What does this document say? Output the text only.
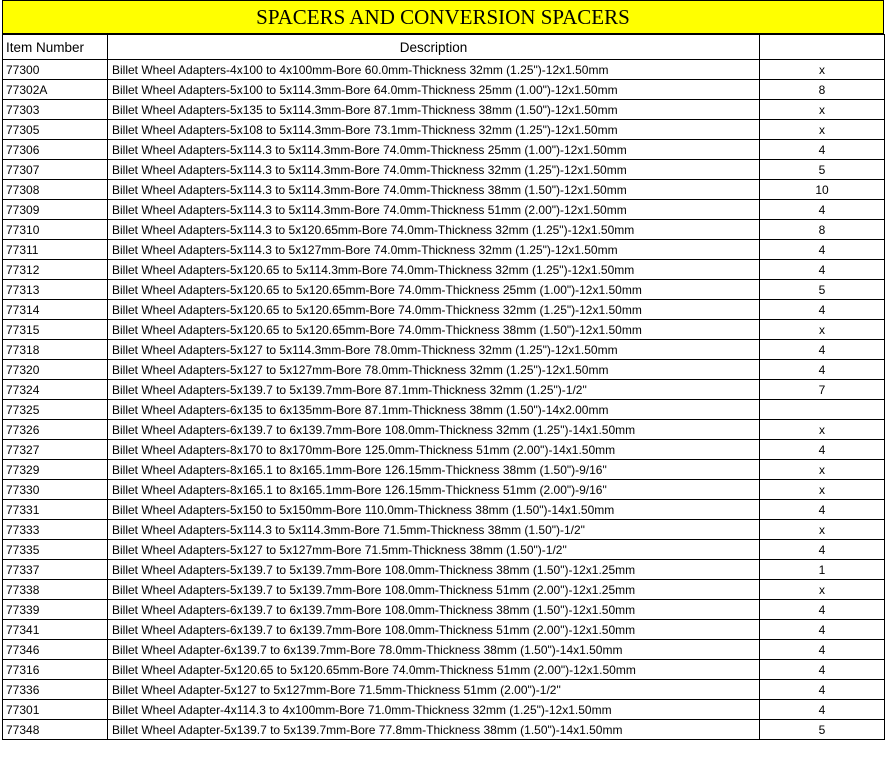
SPACERS AND CONVERSION SPACERS
Item Number	Description	
77300	Billet Wheel Adapters-4x100 to 4x100mm-Bore 60.0mm-Thickness 32mm (1.25")-12x1.50mm	x
77302A	Billet Wheel Adapters-5x100 to 5x114.3mm-Bore 64.0mm-Thickness 25mm (1.00")-12x1.50mm	8
77303	Billet Wheel Adapters-5x135 to 5x114.3mm-Bore 87.1mm-Thickness 38mm (1.50")-12x1.50mm	x
77305	Billet Wheel Adapters-5x108 to 5x114.3mm-Bore 73.1mm-Thickness 32mm (1.25")-12x1.50mm	x
77306	Billet Wheel Adapters-5x114.3 to 5x114.3mm-Bore 74.0mm-Thickness 25mm (1.00")-12x1.50mm	4
77307	Billet Wheel Adapters-5x114.3 to 5x114.3mm-Bore 74.0mm-Thickness 32mm (1.25")-12x1.50mm	5
77308	Billet Wheel Adapters-5x114.3 to 5x114.3mm-Bore 74.0mm-Thickness 38mm (1.50")-12x1.50mm	10
77309	Billet Wheel Adapters-5x114.3 to 5x114.3mm-Bore 74.0mm-Thickness 51mm (2.00")-12x1.50mm	4
77310	Billet Wheel Adapters-5x114.3 to 5x120.65mm-Bore 74.0mm-Thickness 32mm (1.25")-12x1.50mm	8
77311	Billet Wheel Adapters-5x114.3 to 5x127mm-Bore 74.0mm-Thickness 32mm (1.25")-12x1.50mm	4
77312	Billet Wheel Adapters-5x120.65 to 5x114.3mm-Bore 74.0mm-Thickness 32mm (1.25")-12x1.50mm	4
77313	Billet Wheel Adapters-5x120.65 to 5x120.65mm-Bore 74.0mm-Thickness 25mm (1.00")-12x1.50mm	5
77314	Billet Wheel Adapters-5x120.65 to 5x120.65mm-Bore 74.0mm-Thickness 32mm (1.25")-12x1.50mm	4
77315	Billet Wheel Adapters-5x120.65 to 5x120.65mm-Bore 74.0mm-Thickness 38mm (1.50")-12x1.50mm	x
77318	Billet Wheel Adapters-5x127 to 5x114.3mm-Bore 78.0mm-Thickness 32mm (1.25")-12x1.50mm	4
77320	Billet Wheel Adapters-5x127 to 5x127mm-Bore 78.0mm-Thickness 32mm (1.25")-12x1.50mm	4
77324	Billet Wheel Adapters-5x139.7 to 5x139.7mm-Bore 87.1mm-Thickness 32mm (1.25")-1/2"	7
77325	Billet Wheel Adapters-6x135 to 6x135mm-Bore 87.1mm-Thickness 38mm (1.50")-14x2.00mm	
77326	Billet Wheel Adapters-6x139.7 to 6x139.7mm-Bore 108.0mm-Thickness 32mm (1.25")-14x1.50mm	x
77327	Billet Wheel Adapters-8x170 to 8x170mm-Bore 125.0mm-Thickness 51mm (2.00")-14x1.50mm	4
77329	Billet Wheel Adapters-8x165.1 to 8x165.1mm-Bore 126.15mm-Thickness 38mm (1.50")-9/16"	x
77330	Billet Wheel Adapters-8x165.1 to 8x165.1mm-Bore 126.15mm-Thickness 51mm (2.00")-9/16"	x
77331	Billet Wheel Adapters-5x150 to 5x150mm-Bore 110.0mm-Thickness 38mm (1.50")-14x1.50mm	4
77333	Billet Wheel Adapters-5x114.3 to 5x114.3mm-Bore 71.5mm-Thickness 38mm (1.50")-1/2"	x
77335	Billet Wheel Adapters-5x127 to 5x127mm-Bore 71.5mm-Thickness 38mm (1.50")-1/2"	4
77337	Billet Wheel Adapters-5x139.7 to 5x139.7mm-Bore 108.0mm-Thickness 38mm (1.50")-12x1.25mm	1
77338	Billet Wheel Adapters-5x139.7 to 5x139.7mm-Bore 108.0mm-Thickness 51mm (2.00")-12x1.25mm	x
77339	Billet Wheel Adapters-6x139.7 to 6x139.7mm-Bore 108.0mm-Thickness 38mm (1.50")-12x1.50mm	4
77341	Billet Wheel Adapters-6x139.7 to 6x139.7mm-Bore 108.0mm-Thickness 51mm (2.00")-12x1.50mm	4
77346	Billet Wheel Adapter-6x139.7 to 6x139.7mm-Bore 78.0mm-Thickness 38mm (1.50")-14x1.50mm	4
77316	Billet Wheel Adapter-5x120.65 to 5x120.65mm-Bore 74.0mm-Thickness 51mm (2.00")-12x1.50mm	4
77336	Billet Wheel Adapter-5x127 to 5x127mm-Bore 71.5mm-Thickness 51mm (2.00")-1/2"	4
77301	Billet Wheel Adapter-4x114.3 to 4x100mm-Bore 71.0mm-Thickness 32mm (1.25")-12x1.50mm	4
77348	Billet Wheel Adapter-5x139.7 to 5x139.7mm-Bore 77.8mm-Thickness 38mm (1.50")-14x1.50mm	5
